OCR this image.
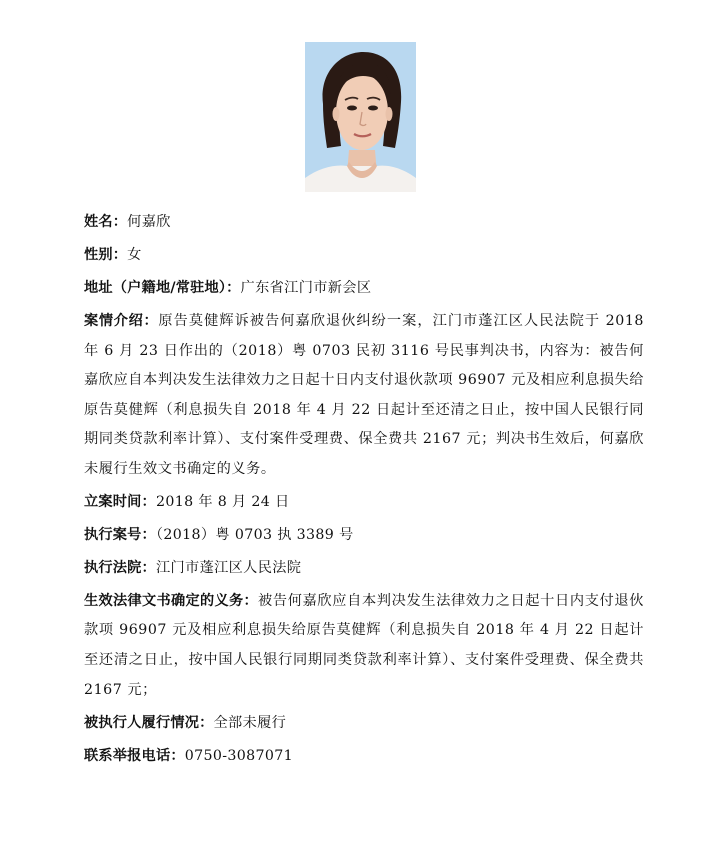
姓名：何嘉欣
性别：女
地址（户籍地/常驻地）：广东省江门市新会区
案情介绍：原告莫健辉诉被告何嘉欣退伙纠纷一案，江门市蓬江区人民法院于 2018 年 6 月 23 日作出的（2018）粤 0703 民初 3116 号民事判决书，内容为：被告何嘉欣应自本判决发生法律效力之日起十日内支付退伙款项 96907 元及相应利息损失给原告莫健辉（利息损失自 2018 年 4 月 22 日起计至还清之日止，按中国人民银行同期同类贷款利率计算）、支付案件受理费、保全费共 2167 元；判决书生效后，何嘉欣未履行生效文书确定的义务。
立案时间：2018 年 8 月 24 日
执行案号：（2018）粤 0703 执 3389 号
执行法院：江门市蓬江区人民法院
生效法律文书确定的义务：被告何嘉欣应自本判决发生法律效力之日起十日内支付退伙款项 96907 元及相应利息损失给原告莫健辉（利息损失自 2018 年 4 月 22 日起计至还清之日止，按中国人民银行同期同类贷款利率计算）、支付案件受理费、保全费共 2167 元；
被执行人履行情况：全部未履行
联系举报电话：0750-3087071
